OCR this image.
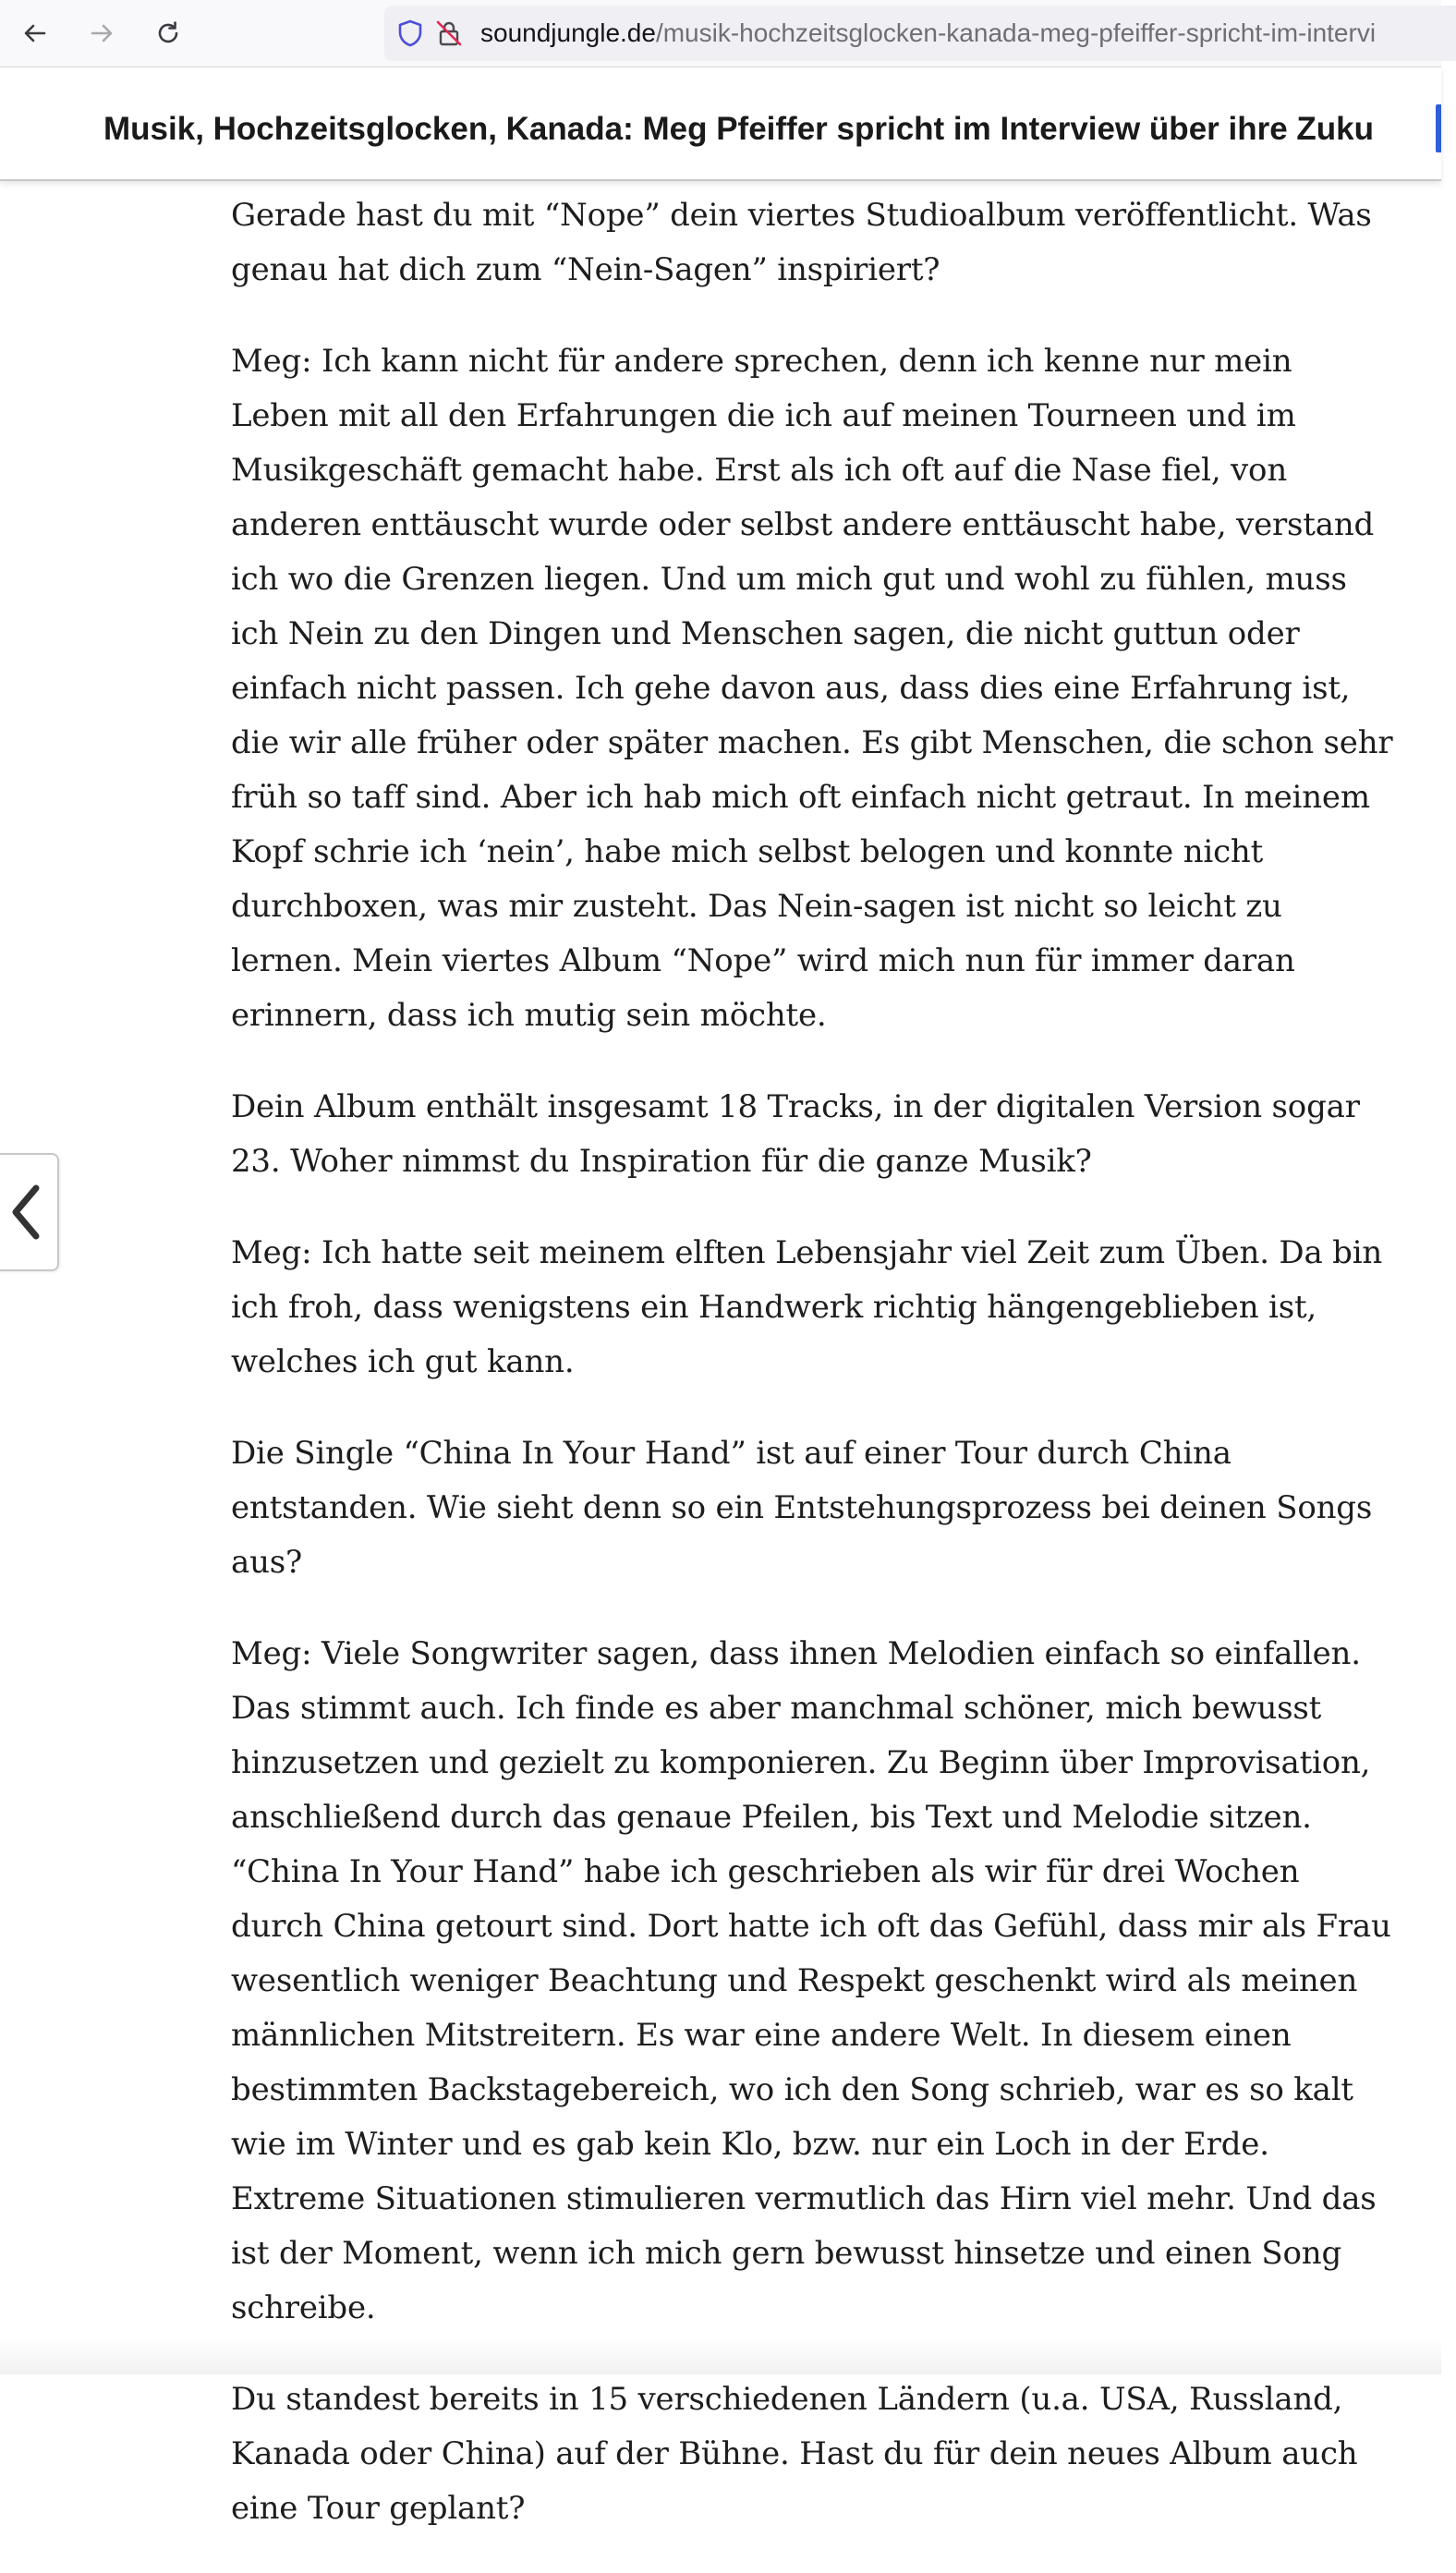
soundjungle.de/musik-hochzeitsglocken-kanada-meg-pfeiffer-spricht-im-intervi
Musik, Hochzeitsglocken, Kanada: Meg Pfeiffer spricht im Interview über ihre Zuku

Gerade hast du mit “Nope” dein viertes Studioalbum veröffentlicht. Was genau hat dich zum “Nein-Sagen” inspiriert?

Meg: Ich kann nicht für andere sprechen, denn ich kenne nur mein Leben mit all den Erfahrungen die ich auf meinen Tourneen und im Musikgeschäft gemacht habe. Erst als ich oft auf die Nase fiel, von anderen enttäuscht wurde oder selbst andere enttäuscht habe, verstand ich wo die Grenzen liegen. Und um mich gut und wohl zu fühlen, muss ich Nein zu den Dingen und Menschen sagen, die nicht guttun oder einfach nicht passen. Ich gehe davon aus, dass dies eine Erfahrung ist, die wir alle früher oder später machen. Es gibt Menschen, die schon sehr früh so taff sind. Aber ich hab mich oft einfach nicht getraut. In meinem Kopf schrie ich ‘nein’, habe mich selbst belogen und konnte nicht durchboxen, was mir zusteht. Das Nein-sagen ist nicht so leicht zu lernen. Mein viertes Album “Nope” wird mich nun für immer daran erinnern, dass ich mutig sein möchte.

Dein Album enthält insgesamt 18 Tracks, in der digitalen Version sogar 23. Woher nimmst du Inspiration für die ganze Musik?

Meg: Ich hatte seit meinem elften Lebensjahr viel Zeit zum Üben. Da bin ich froh, dass wenigstens ein Handwerk richtig hängengeblieben ist, welches ich gut kann.

Die Single “China In Your Hand” ist auf einer Tour durch China entstanden. Wie sieht denn so ein Entstehungsprozess bei deinen Songs aus?

Meg: Viele Songwriter sagen, dass ihnen Melodien einfach so einfallen. Das stimmt auch. Ich finde es aber manchmal schöner, mich bewusst hinzusetzen und gezielt zu komponieren. Zu Beginn über Improvisation, anschließend durch das genaue Pfeilen, bis Text und Melodie sitzen. “China In Your Hand” habe ich geschrieben als wir für drei Wochen durch China getourt sind. Dort hatte ich oft das Gefühl, dass mir als Frau wesentlich weniger Beachtung und Respekt geschenkt wird als meinen männlichen Mitstreitern. Es war eine andere Welt. In diesem einen bestimmten Backstagebereich, wo ich den Song schrieb, war es so kalt wie im Winter und es gab kein Klo, bzw. nur ein Loch in der Erde. Extreme Situationen stimulieren vermutlich das Hirn viel mehr. Und das ist der Moment, wenn ich mich gern bewusst hinsetze und einen Song schreibe.

Du standest bereits in 15 verschiedenen Ländern (u.a. USA, Russland, Kanada oder China) auf der Bühne. Hast du für dein neues Album auch eine Tour geplant?
